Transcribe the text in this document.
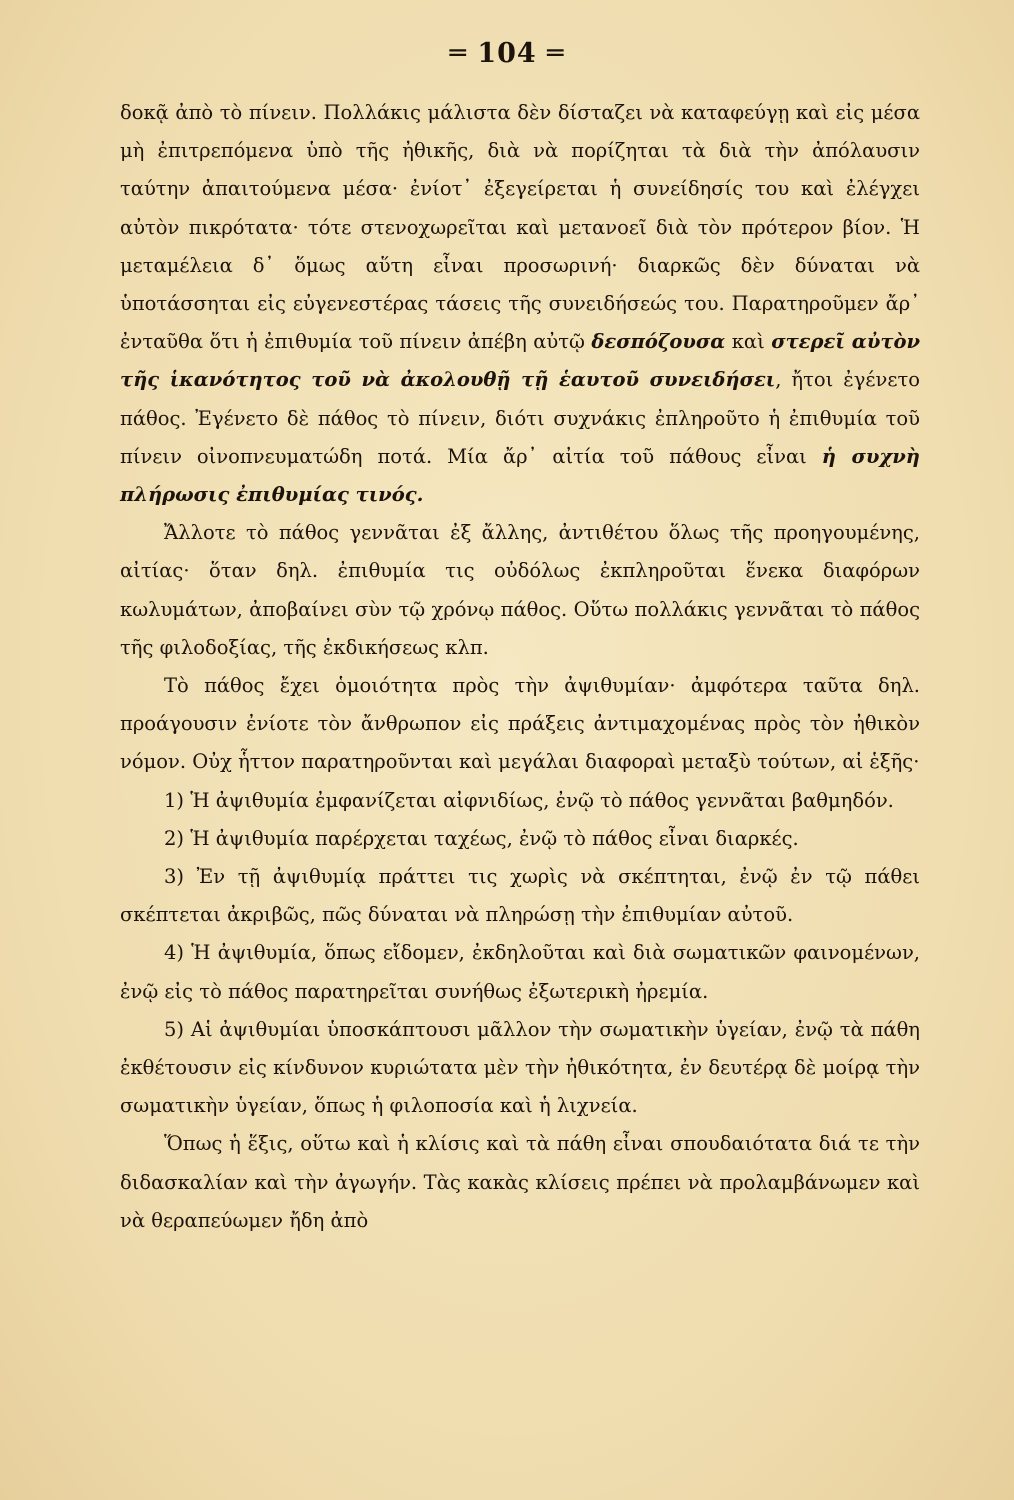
═ 104 ═

δοκᾷ ἀπὸ τὸ πίνειν. Πολλάκις μάλιστα δὲν δίσταζει νὰ καταφεύγῃ καὶ εἰς μέσα μὴ ἐπιτρεπόμενα ὑπὸ τῆς ἠθικῆς, διὰ νὰ πορίζηται τὰ διὰ τὴν ἀπόλαυσιν ταύτην ἀπαιτούμενα μέσα· ἐνίοτ᾽ ἐξεγείρεται ἡ συνείδησίς του καὶ ἐλέγχει αὐτὸν πικρότατα· τότε στενοχωρεῖται καὶ μετανοεῖ διὰ τὸν πρότερον βίον. Ἡ μεταμέλεια δ᾽ ὅμως αὕτη εἶναι προσωρινή· διαρκῶς δὲν δύναται νὰ ὑποτάσσηται εἰς εὐγενεστέρας τάσεις τῆς συνειδήσεώς του. Παρατηροῦμεν ἄρ᾽ ἐνταῦθα ὅτι ἡ ἐπιθυμία τοῦ πίνειν ἀπέβη αὐτῷ δεσπόζουσα καὶ στερεῖ αὐτὸν τῆς ἱκανότητος τοῦ νὰ ἀκολουθῇ τῇ ἑαυτοῦ συνειδήσει, ἤτοι ἐγένετο πάθος. Ἐγένετο δὲ πάθος τὸ πίνειν, διότι συχνάκις ἐπληροῦτο ἡ ἐπιθυμία τοῦ πίνειν οἰνοπνευματώδη ποτά. Μία ἄρ᾽ αἰτία τοῦ πάθους εἶναι ἡ συχνὴ πλήρωσις ἐπιθυμίας τινός.

Ἄλλοτε τὸ πάθος γεννᾶται ἐξ ἄλλης, ἀντιθέτου ὅλως τῆς προηγουμένης, αἰτίας· ὅταν δηλ. ἐπιθυμία τις οὐδόλως ἐκπληροῦται ἕνεκα διαφόρων κωλυμάτων, ἀποβαίνει σὺν τῷ χρόνῳ πάθος. Οὕτω πολλάκις γεννᾶται τὸ πάθος τῆς φιλοδοξίας, τῆς ἐκδικήσεως κλπ.

Τὸ πάθος ἔχει ὁμοιότητα πρὸς τὴν ἀψιθυμίαν· ἀμφότερα ταῦτα δηλ. προάγουσιν ἐνίοτε τὸν ἄνθρωπον εἰς πράξεις ἀντιμαχομένας πρὸς τὸν ἠθικὸν νόμον. Οὐχ ἧττον παρατηροῦνται καὶ μεγάλαι διαφοραὶ μεταξὺ τούτων, αἱ ἑξῆς·

1) Ἡ ἀψιθυμία ἐμφανίζεται αἰφνιδίως, ἐνῷ τὸ πάθος γεννᾶται βαθμηδόν.

2) Ἡ ἀψιθυμία παρέρχεται ταχέως, ἐνῷ τὸ πάθος εἶναι διαρκές.

3) Ἐν τῇ ἀψιθυμίᾳ πράττει τις χωρὶς νὰ σκέπτηται, ἐνῷ ἐν τῷ πάθει σκέπτεται ἀκριβῶς, πῶς δύναται νὰ πληρώσῃ τὴν ἐπιθυμίαν αὐτοῦ.

4) Ἡ ἀψιθυμία, ὅπως εἴδομεν, ἐκδηλοῦται καὶ διὰ σωματικῶν φαινομένων, ἐνῷ εἰς τὸ πάθος παρατηρεῖται συνήθως ἐξωτερικὴ ἠρεμία.

5) Αἱ ἀψιθυμίαι ὑποσκάπτουσι μᾶλλον τὴν σωματικὴν ὑγείαν, ἐνῷ τὰ πάθη ἐκθέτουσιν εἰς κίνδυνον κυριώτατα μὲν τὴν ἠθικότητα, ἐν δευτέρᾳ δὲ μοίρᾳ τὴν σωματικὴν ὑγείαν, ὅπως ἡ φιλοποσία καὶ ἡ λιχνεία.

Ὅπως ἡ ἕξις, οὕτω καὶ ἡ κλίσις καὶ τὰ πάθη εἶναι σπουδαιότατα διά τε τὴν διδασκαλίαν καὶ τὴν ἀγωγήν. Τὰς κακὰς κλίσεις πρέπει νὰ προλαμβάνωμεν καὶ νὰ θεραπεύωμεν ἤδη ἀπὸ
